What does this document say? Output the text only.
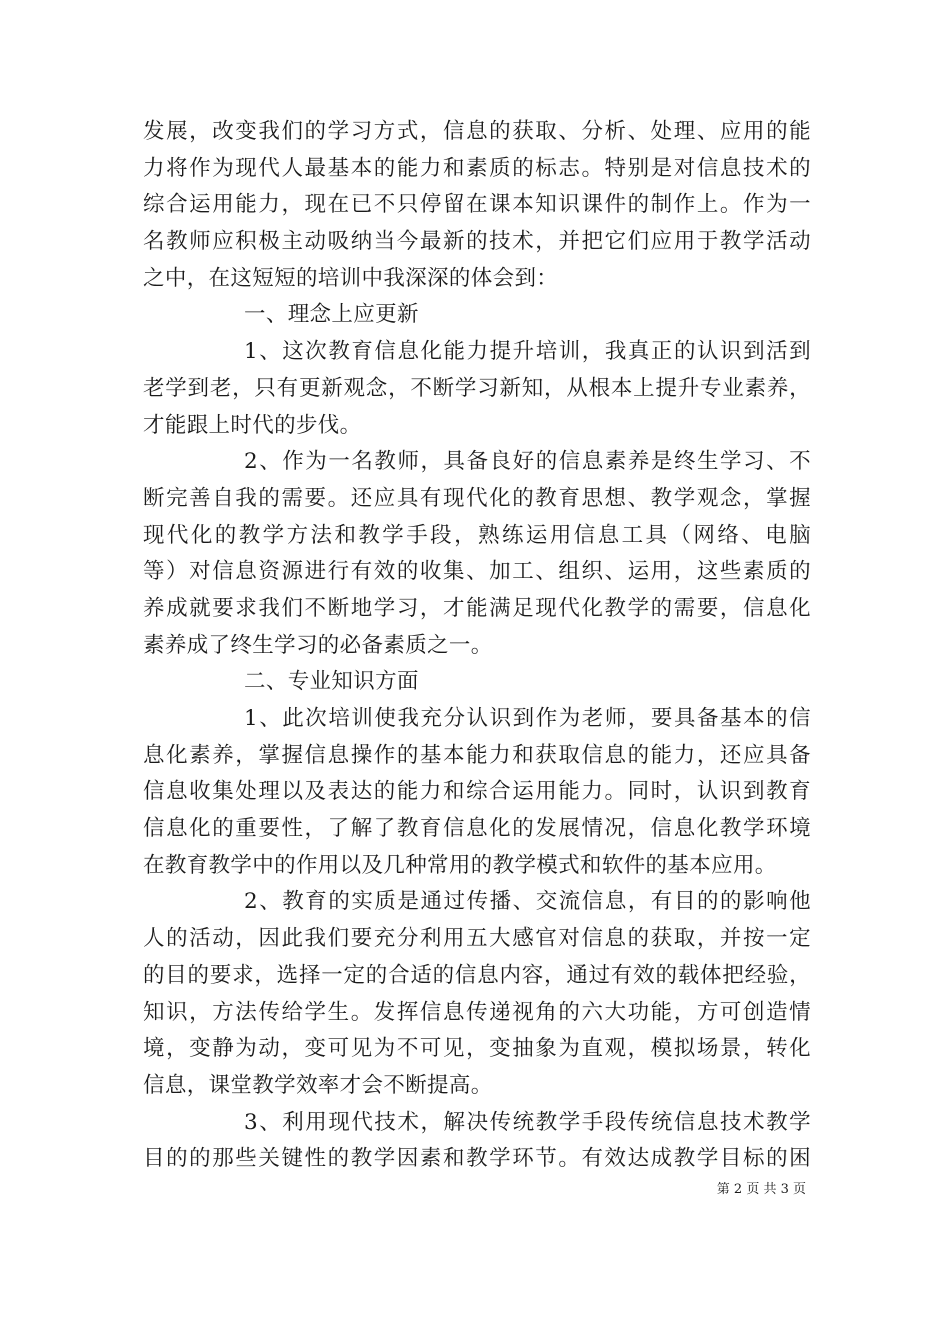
发展，改变我们的学习方式，信息的获取、分析、处理、应用的能
力将作为现代人最基本的能力和素质的标志。特别是对信息技术的
综合运用能力，现在已不只停留在课本知识课件的制作上。作为一
名教师应积极主动吸纳当今最新的技术，并把它们应用于教学活动
之中，在这短短的培训中我深深的体会到：
一、理念上应更新
1、这次教育信息化能力提升培训，我真正的认识到活到
老学到老，只有更新观念，不断学习新知，从根本上提升专业素养，
才能跟上时代的步伐。
2、作为一名教师，具备良好的信息素养是终生学习、不
断完善自我的需要。还应具有现代化的教育思想、教学观念，掌握
现代化的教学方法和教学手段，熟练运用信息工具（网络、电脑
等）对信息资源进行有效的收集、加工、组织、运用，这些素质的
养成就要求我们不断地学习，才能满足现代化教学的需要，信息化
素养成了终生学习的必备素质之一。
二、专业知识方面
1、此次培训使我充分认识到作为老师，要具备基本的信
息化素养，掌握信息操作的基本能力和获取信息的能力，还应具备
信息收集处理以及表达的能力和综合运用能力。同时，认识到教育
信息化的重要性，了解了教育信息化的发展情况，信息化教学环境
在教育教学中的作用以及几种常用的教学模式和软件的基本应用。
2、教育的实质是通过传播、交流信息，有目的的影响他
人的活动，因此我们要充分利用五大感官对信息的获取，并按一定
的目的要求，选择一定的合适的信息内容，通过有效的载体把经验，
知识，方法传给学生。发挥信息传递视角的六大功能，方可创造情
境，变静为动，变可见为不可见，变抽象为直观，模拟场景，转化
信息，课堂教学效率才会不断提高。
3、利用现代技术，解决传统教学手段传统信息技术教学
目的的那些关键性的教学因素和教学环节。有效达成教学目标的困
第 2 页 共 3 页
